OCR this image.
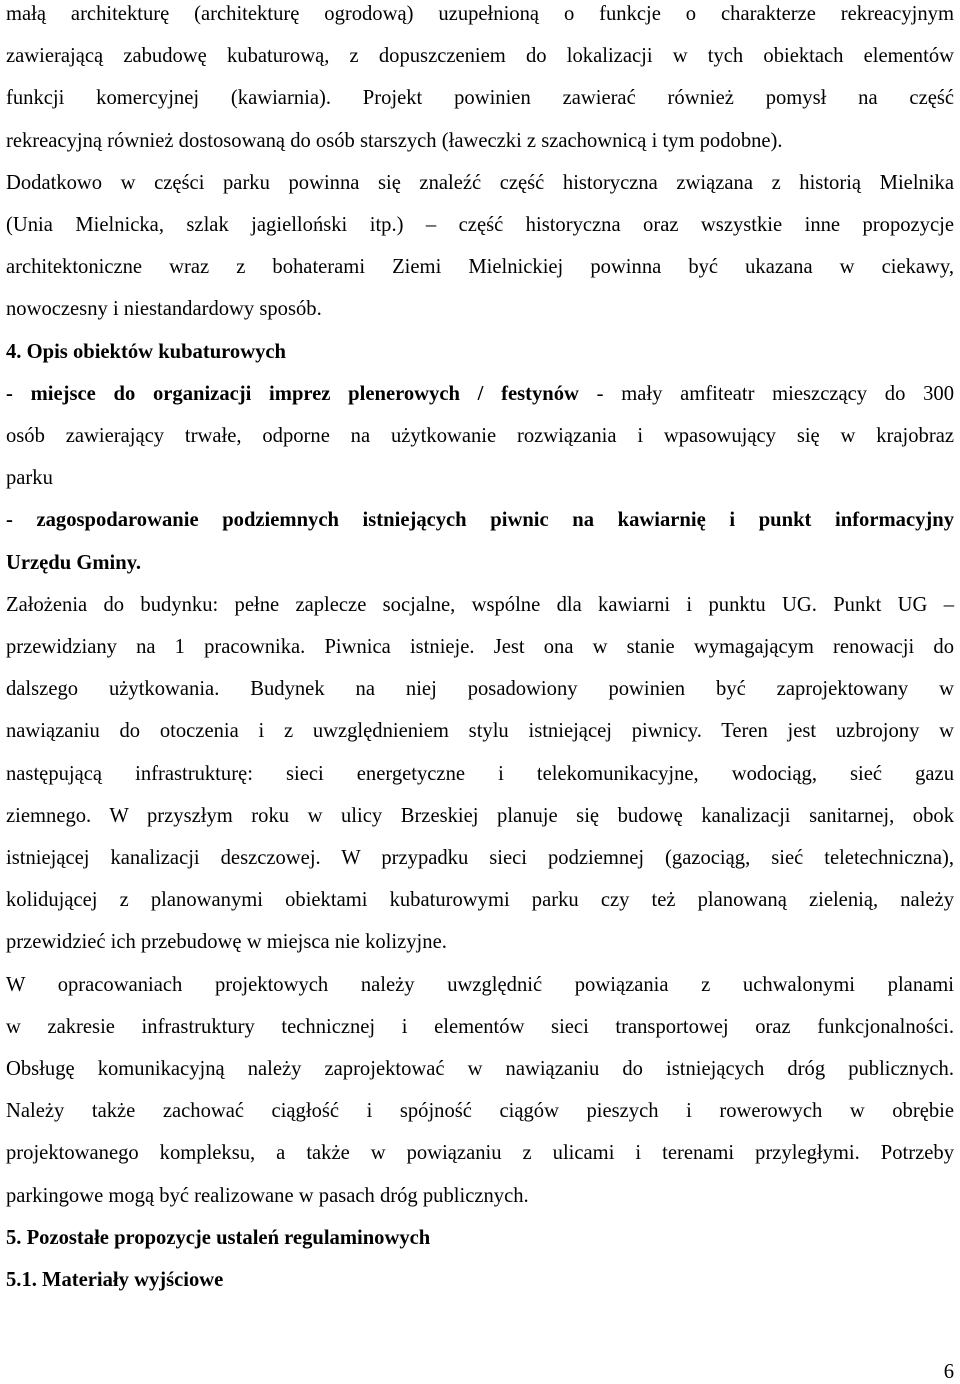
małą architekturę (architekturę ogrodową) uzupełnioną o funkcje o charakterze rekreacyjnym
zawierającą zabudowę kubaturową, z dopuszczeniem do lokalizacji w tych obiektach elementów
funkcji komercyjnej (kawiarnia). Projekt powinien zawierać również pomysł na część
rekreacyjną również dostosowaną do osób starszych (ławeczki z szachownicą i tym podobne).
Dodatkowo w części parku powinna się znaleźć część historyczna związana z historią Mielnika
(Unia Mielnicka, szlak jagielloński itp.) – część historyczna oraz wszystkie inne propozycje
architektoniczne wraz z bohaterami Ziemi Mielnickiej powinna być ukazana w ciekawy,
nowoczesny i niestandardowy sposób.
4. Opis obiektów kubaturowych
- miejsce do organizacji imprez plenerowych / festynów - mały amfiteatr mieszczący do 300
osób zawierający trwałe, odporne na użytkowanie rozwiązania i wpasowujący się w krajobraz
parku
- zagospodarowanie podziemnych istniejących piwnic na kawiarnię i punkt informacyjny
Urzędu Gminy.
Założenia do budynku: pełne zaplecze socjalne, wspólne dla kawiarni i punktu UG. Punkt UG –
przewidziany na 1 pracownika. Piwnica istnieje. Jest ona w stanie wymagającym renowacji do
dalszego użytkowania. Budynek na niej posadowiony powinien być zaprojektowany w
nawiązaniu do otoczenia i z uwzględnieniem stylu istniejącej piwnicy. Teren jest uzbrojony w
następującą infrastrukturę: sieci energetyczne i telekomunikacyjne, wodociąg, sieć gazu
ziemnego. W przyszłym roku w ulicy Brzeskiej planuje się budowę kanalizacji sanitarnej, obok
istniejącej kanalizacji deszczowej. W przypadku sieci podziemnej (gazociąg, sieć teletechniczna),
kolidującej z planowanymi obiektami kubaturowymi parku czy też planowaną zielenią, należy
przewidzieć ich przebudowę w miejsca nie kolizyjne.
W opracowaniach projektowych należy uwzględnić powiązania z uchwalonymi planami
w zakresie infrastruktury technicznej i elementów sieci transportowej oraz funkcjonalności.
Obsługę komunikacyjną należy zaprojektować w nawiązaniu do istniejących dróg publicznych.
Należy także zachować ciągłość i spójność ciągów pieszych i rowerowych w obrębie
projektowanego kompleksu, a także w powiązaniu z ulicami i terenami przyległymi. Potrzeby
parkingowe mogą być realizowane w pasach dróg publicznych.
5. Pozostałe propozycje ustaleń regulaminowych
5.1. Materiały wyjściowe
6
